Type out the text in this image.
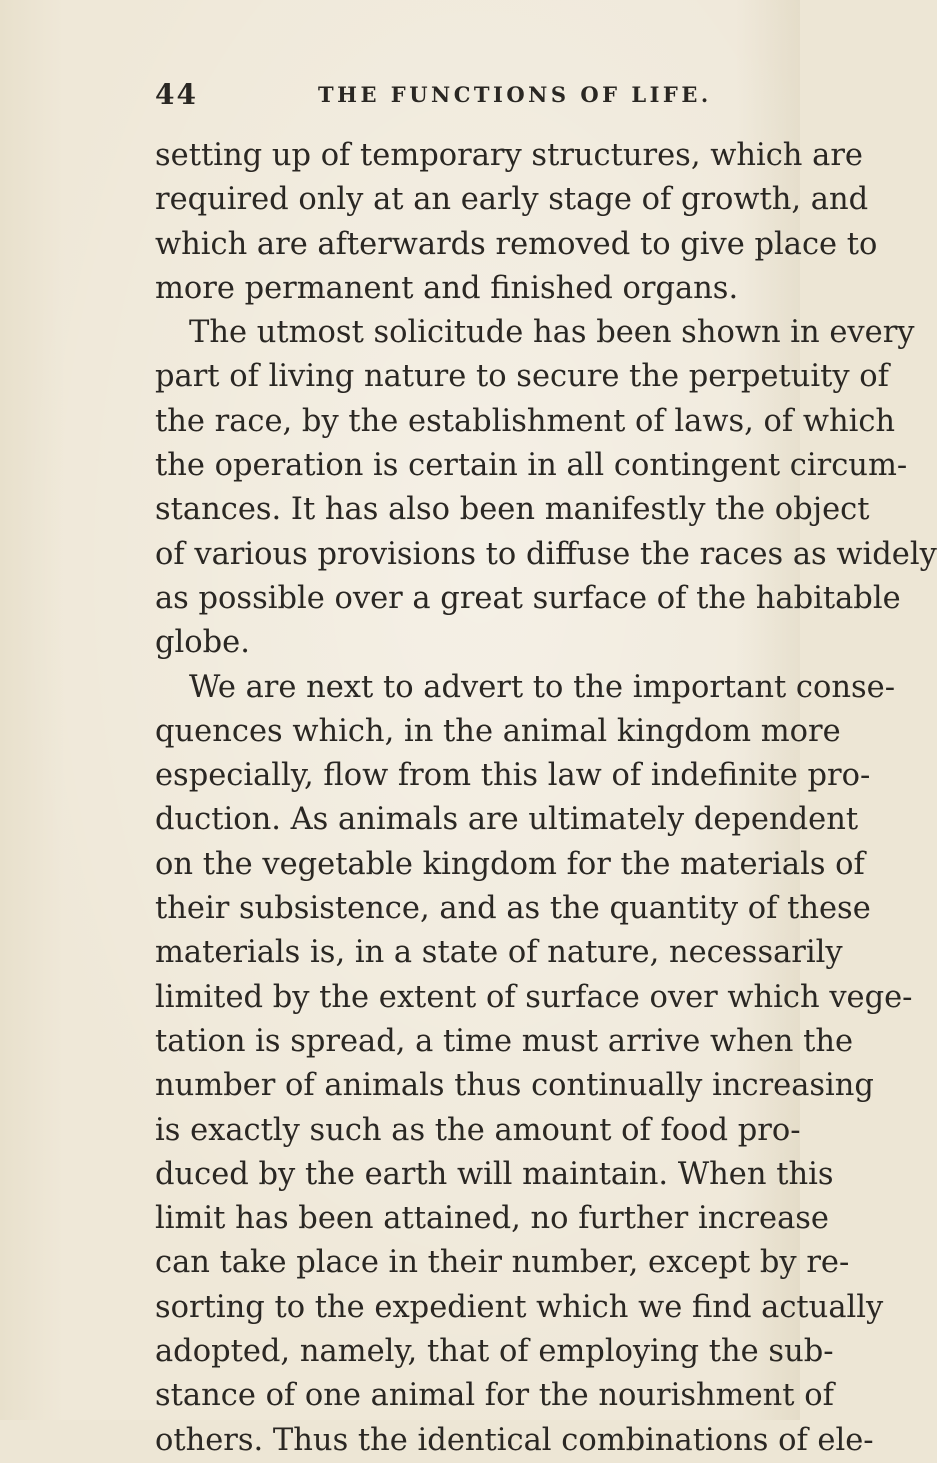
44	THE FUNCTIONS OF LIFE.
setting up of temporary structures, which are
required only at an early stage of growth, and
which are afterwards removed to give place to
more permanent and finished organs.
The utmost solicitude has been shown in every
part of living nature to secure the perpetuity of
the race, by the establishment of laws, of which
the operation is certain in all contingent circum-
stances. It has also been manifestly the object
of various provisions to diffuse the races as widely
as possible over a great surface of the habitable
globe.
We are next to advert to the important conse-
quences which, in the animal kingdom more
especially, flow from this law of indefinite pro-
duction. As animals are ultimately dependent
on the vegetable kingdom for the materials of
their subsistence, and as the quantity of these
materials is, in a state of nature, necessarily
limited by the extent of surface over which vege-
tation is spread, a time must arrive when the
number of animals thus continually increasing
is exactly such as the amount of food pro-
duced by the earth will maintain. When this
limit has been attained, no further increase
can take place in their number, except by re-
sorting to the expedient which we find actually
adopted, namely, that of employing the sub-
stance of one animal for the nourishment of
others. Thus the identical combinations of ele-
